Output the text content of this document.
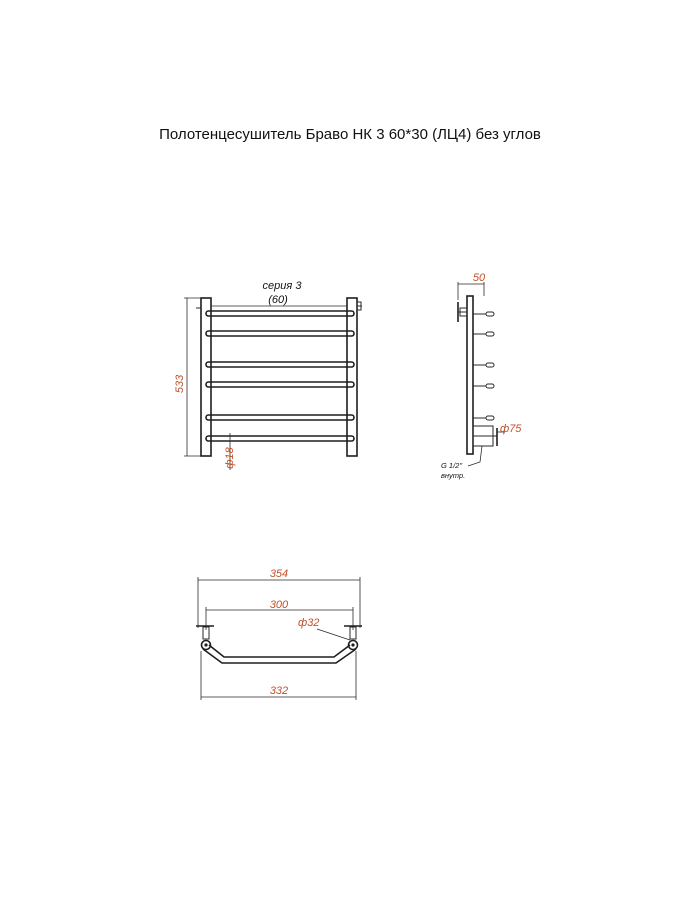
Полотенцесушитель Браво НК 3 60*30 (ЛЦ4) без углов
серия 3
(60)
533
ф18
50
ф75
G 1/2"
внутр.
354
300
ф32
332
